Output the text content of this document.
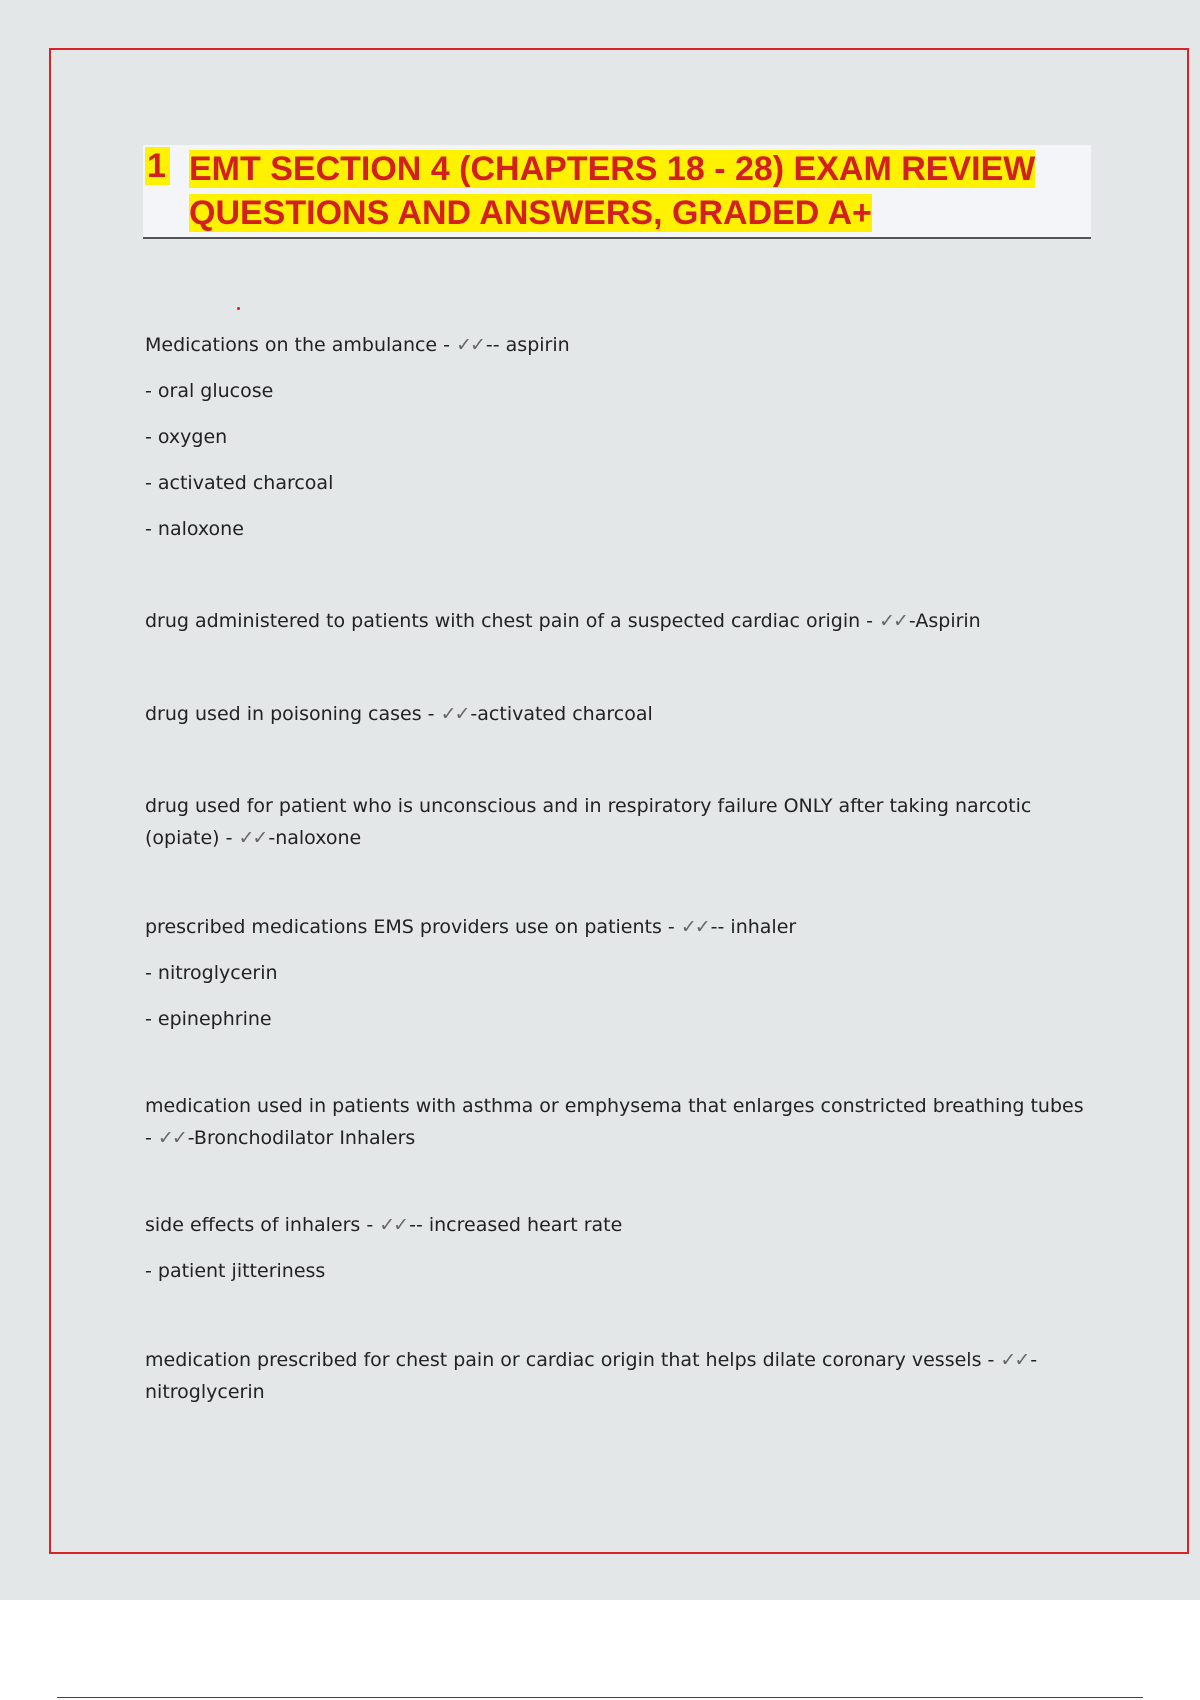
1 EMT SECTION 4 (CHAPTERS 18 - 28) EXAM REVIEW
QUESTIONS AND ANSWERS, GRADED A+
Medications on the ambulance - ✓✓ -- aspirin
- oral glucose
- oxygen
- activated charcoal
- naloxone
drug administered to patients with chest pain of a suspected cardiac origin - ✓✓ -Aspirin
drug used in poisoning cases - ✓✓ -activated charcoal
drug used for patient who is unconscious and in respiratory failure ONLY after taking narcotic (opiate) - ✓✓ -naloxone
prescribed medications EMS providers use on patients - ✓✓ -- inhaler
- nitroglycerin
- epinephrine
medication used in patients with asthma or emphysema that enlarges constricted breathing tubes - ✓✓ -Bronchodilator Inhalers
side effects of inhalers - ✓✓ -- increased heart rate
- patient jitteriness
medication prescribed for chest pain or cardiac origin that helps dilate coronary vessels - ✓✓ -nitroglycerin
